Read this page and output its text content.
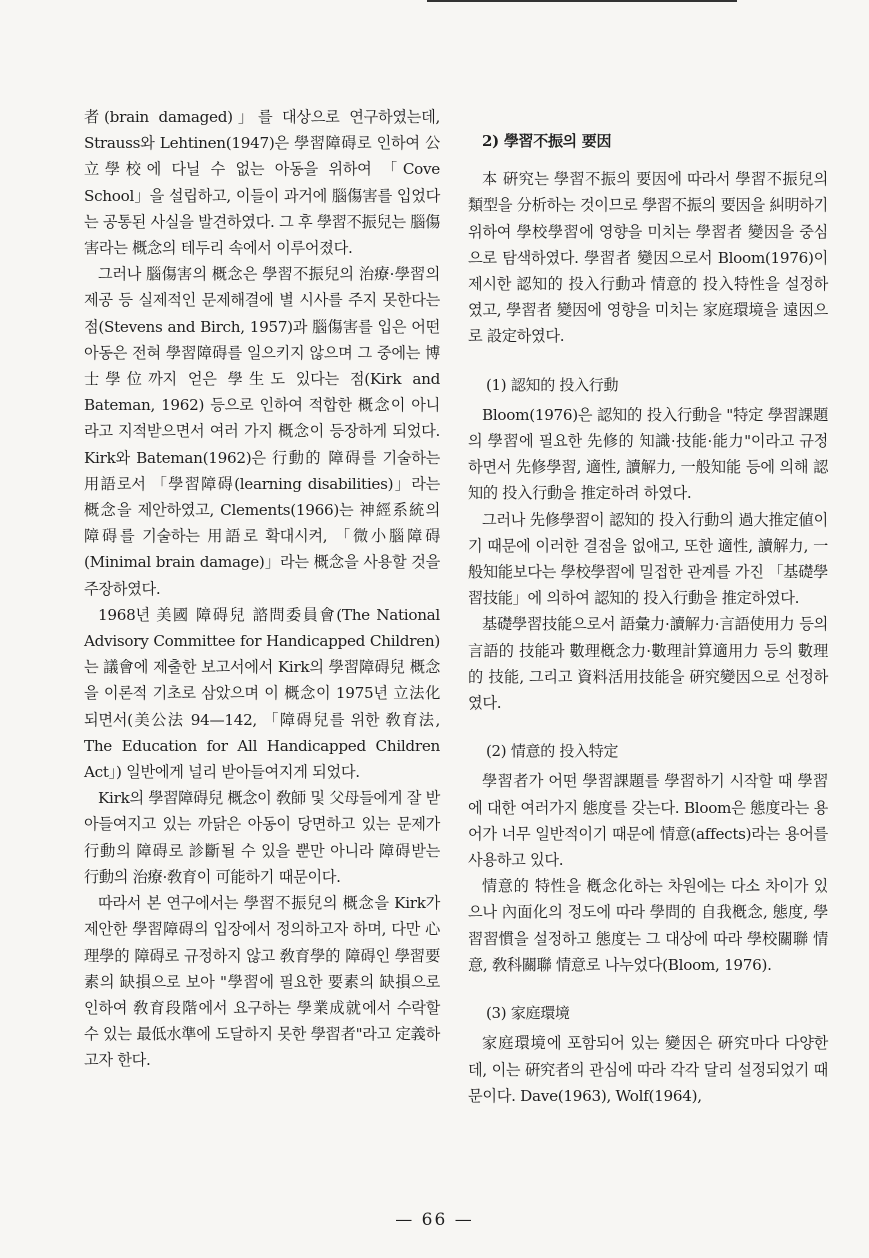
者(brain damaged)」를 대상으로 연구하였는데, Strauss와 Lehtinen(1947)은 學習障碍로 인하여 公立學校에 다닐 수 없는 아동을 위하여 「Cove School」을 설립하고, 이들이 과거에 腦傷害를 입었다는 공통된 사실을 발견하였다. 그 후 學習不振兒는 腦傷害라는 概念의 테두리 속에서 이루어졌다.

그러나 腦傷害의 概念은 學習不振兒의 治療·學習의 제공 등 실제적인 문제해결에 별 시사를 주지 못한다는 점(Stevens and Birch, 1957)과 腦傷害를 입은 어떤 아동은 전혀 學習障碍를 일으키지 않으며 그 중에는 博士學位까지 얻은 學生도 있다는 점(Kirk and Bateman, 1962) 등으로 인하여 적합한 概念이 아니라고 지적받으면서 여러 가지 概念이 등장하게 되었다. Kirk와 Bateman(1962)은 行動的 障碍를 기술하는 用語로서 「學習障碍(learning disabilities)」라는 概念을 제안하였고, Clements(1966)는 神經系統의 障碍를 기술하는 用語로 확대시켜, 「微小腦障碍(Minimal brain damage)」라는 概念을 사용할 것을 주장하였다.

1968년 美國 障碍兒 諮問委員會(The National Advisory Committee for Handicapped Children)는 議會에 제출한 보고서에서 Kirk의 學習障碍兒 概念을 이론적 기초로 삼았으며 이 概念이 1975년 立法化되면서(美公法 94—142, 「障碍兒를 위한 敎育法, The Education for All Handicapped Children Act」) 일반에게 널리 받아들여지게 되었다.

Kirk의 學習障碍兒 概念이 敎師 및 父母들에게 잘 받아들여지고 있는 까닭은 아동이 당면하고 있는 문제가 行動의 障碍로 診斷될 수 있을 뿐만 아니라 障碍받는 行動의 治療·敎育이 可能하기 때문이다.

따라서 본 연구에서는 學習不振兒의 概念을 Kirk가 제안한 學習障碍의 입장에서 정의하고자 하며, 다만 心理學的 障碍로 규정하지 않고 敎育學的 障碍인 學習要素의 缺損으로 보아 "學習에 필요한 要素의 缺損으로 인하여 敎育段階에서 요구하는 學業成就에서 수락할 수 있는 最低水準에 도달하지 못한 學習者"라고 定義하고자 한다.

2) 學習不振의 要因

本 硏究는 學習不振의 要因에 따라서 學習不振兒의 類型을 分析하는 것이므로 學習不振의 要因을 糾明하기 위하여 學校學習에 영향을 미치는 學習者 變因을 중심으로 탐색하였다. 學習者 變因으로서 Bloom(1976)이 제시한 認知的 投入行動과 情意的 投入特性을 설정하였고, 學習者 變因에 영향을 미치는 家庭環境을 遠因으로 設定하였다.

(1) 認知的 投入行動

Bloom(1976)은 認知的 投入行動을 "特定 學習課題의 學習에 필요한 先修的 知識·技能·能力"이라고 규정하면서 先修學習, 適性, 讀解力, 一般知能 등에 의해 認知的 投入行動을 推定하려 하였다.

그러나 先修學習이 認知的 投入行動의 過大推定値이기 때문에 이러한 결점을 없애고, 또한 適性, 讀解力, 一般知能보다는 學校學習에 밀접한 관계를 가진 「基礎學習技能」에 의하여 認知的 投入行動을 推定하였다.

基礎學習技能으로서 語彙力·讀解力·言語使用力 등의 言語的 技能과 數理槪念力·數理計算適用力 등의 數理的 技能, 그리고 資料活用技能을 硏究變因으로 선정하였다.

(2) 情意的 投入特定

學習者가 어떤 學習課題를 學習하기 시작할 때 學習에 대한 여러가지 態度를 갖는다. Bloom은 態度라는 용어가 너무 일반적이기 때문에 情意(affects)라는 용어를 사용하고 있다.

情意的 特性을 槪念化하는 차원에는 다소 차이가 있으나 內面化의 정도에 따라 學問的 自我槪念, 態度, 學習習慣을 설정하고 態度는 그 대상에 따라 學校關聯 情意, 敎科關聯 情意로 나누었다(Bloom, 1976).

(3) 家庭環境

家庭環境에 포함되어 있는 變因은 硏究마다 다양한데, 이는 硏究者의 관심에 따라 각각 달리 설정되었기 때문이다. Dave(1963), Wolf(1964),

— 66 —
